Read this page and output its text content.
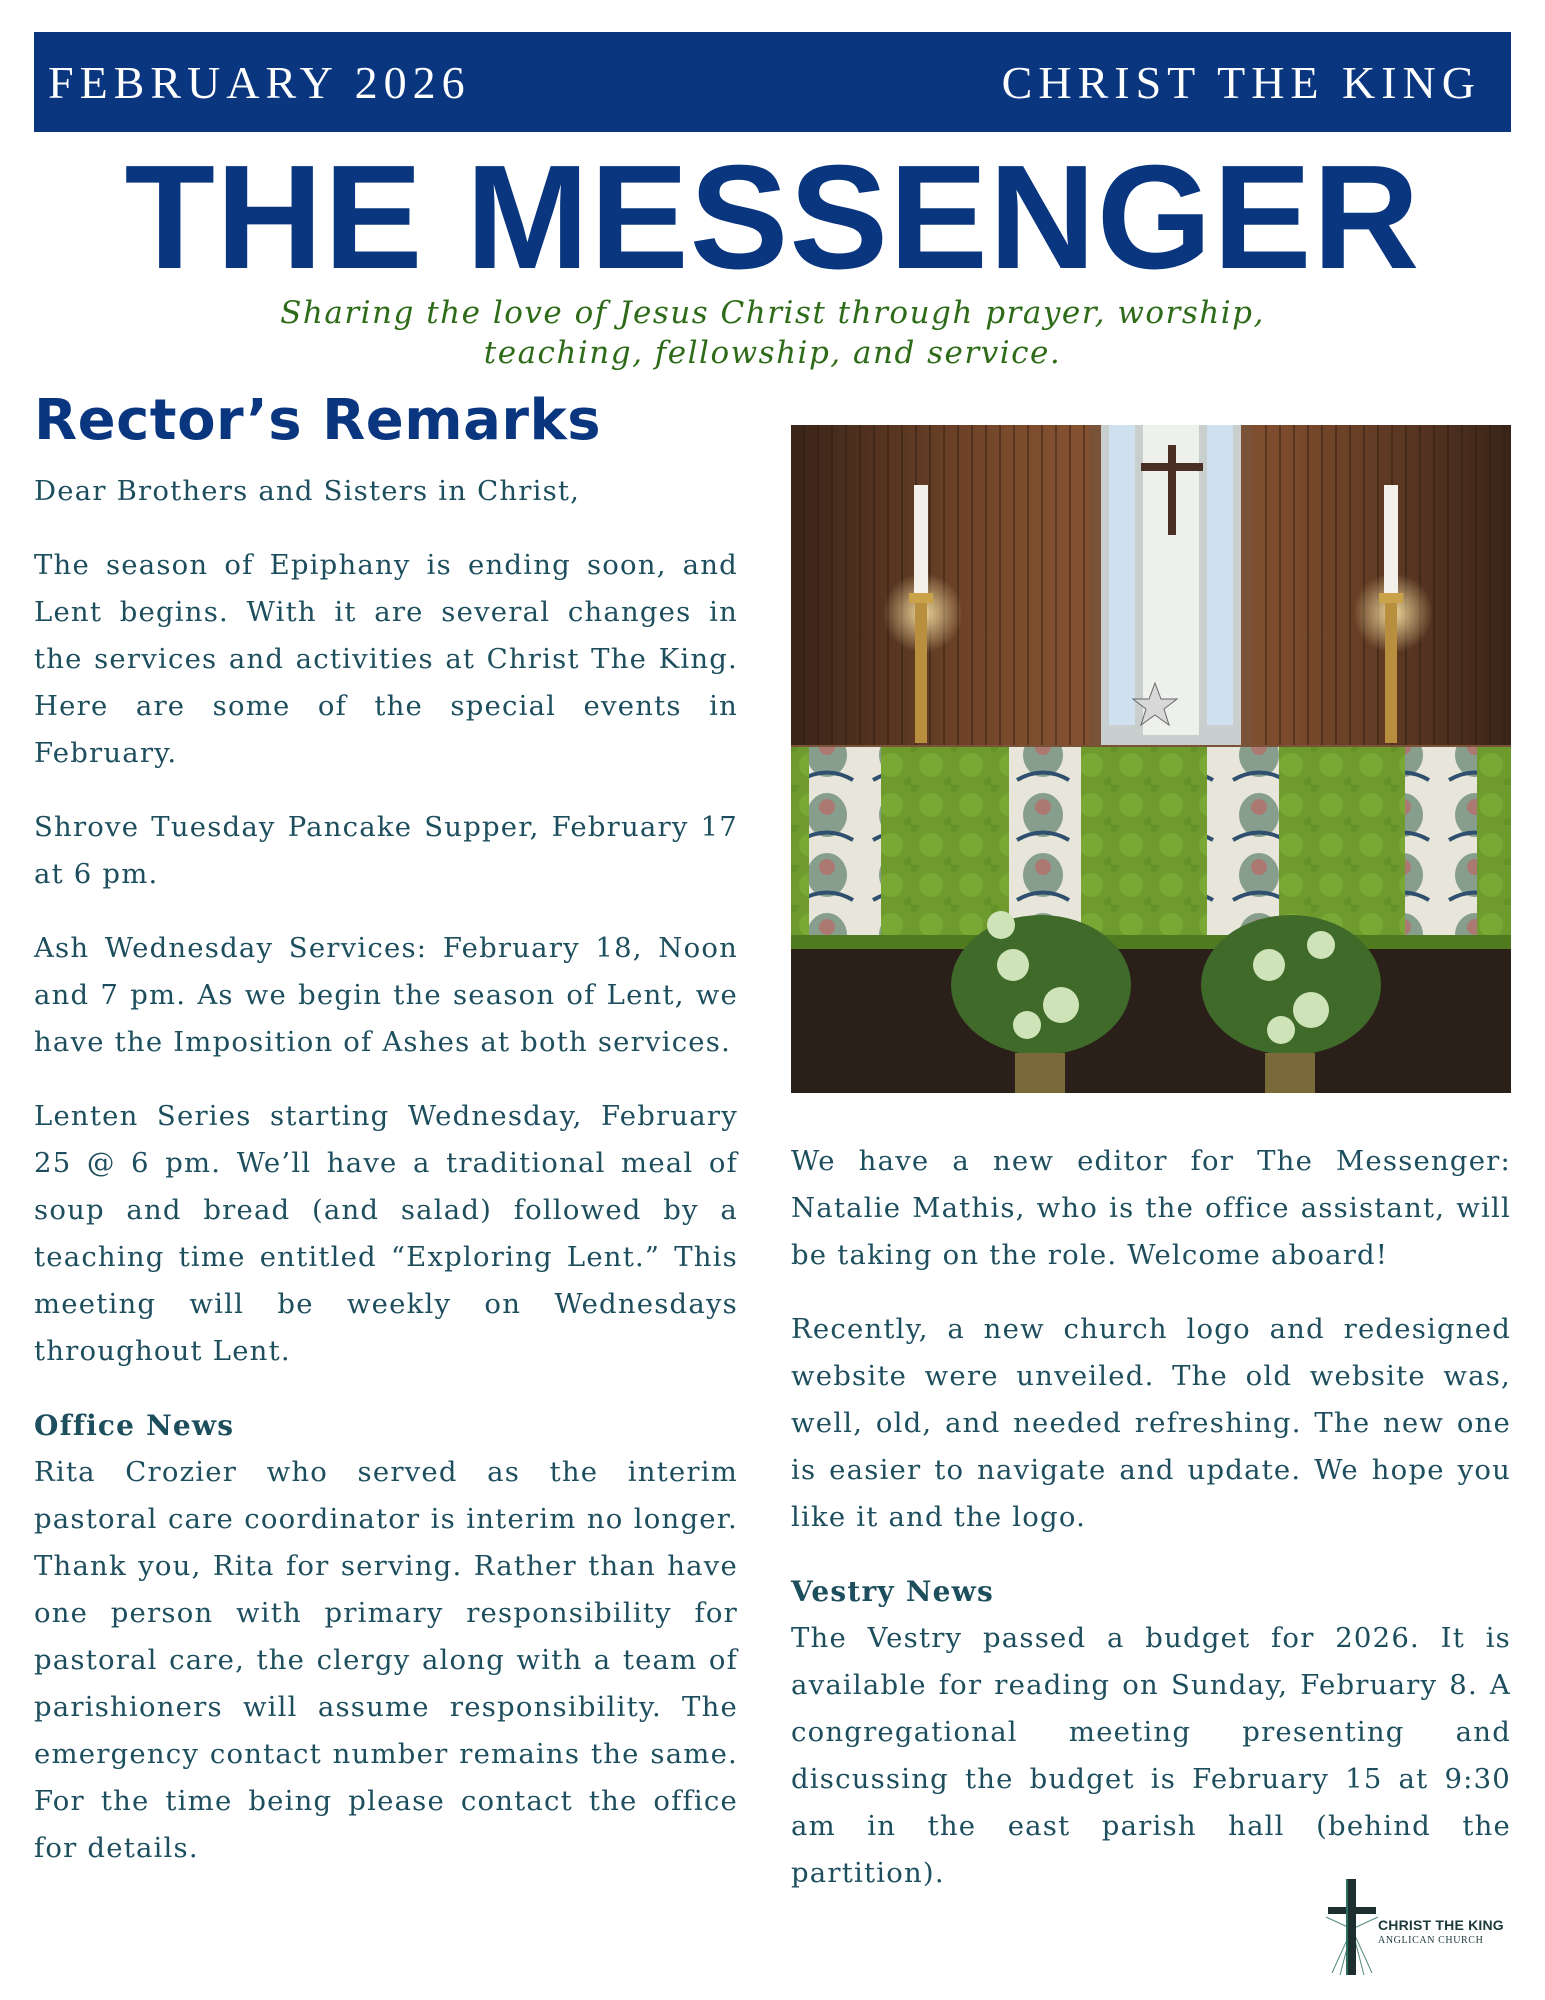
FEBRUARY 2026	CHRIST THE KING
THE MESSENGER
Sharing the love of Jesus Christ through prayer, worship, teaching, fellowship, and service.
Rector’s Remarks

Dear Brothers and Sisters in Christ,

The season of Epiphany is ending soon, and Lent begins. With it are several changes in the services and activities at Christ The King. Here are some of the special events in February.

Shrove Tuesday Pancake Supper, February 17 at 6 pm.

Ash Wednesday Services: February 18, Noon and 7 pm. As we begin the season of Lent, we have the Imposition of Ashes at both services.

Lenten Series starting Wednesday, February 25 @ 6 pm. We’ll have a traditional meal of soup and bread (and salad) followed by a teaching time entitled “Exploring Lent.” This meeting will be weekly on Wednesdays throughout Lent.

Office News

Rita Crozier who served as the interim pastoral care coordinator is interim no longer. Thank you, Rita for serving. Rather than have one person with primary responsibility for pastoral care, the clergy along with a team of parishioners will assume responsibility. The emergency contact number remains the same. For the time being please contact the office for details.

We have a new editor for The Messenger: Natalie Mathis, who is the office assistant, will be taking on the role. Welcome aboard!

Recently, a new church logo and redesigned website were unveiled. The old website was, well, old, and needed refreshing. The new one is easier to navigate and update. We hope you like it and the logo.

Vestry News

The Vestry passed a budget for 2026. It is available for reading on Sunday, February 8. A congregational meeting presenting and discussing the budget is February 15 at 9:30 am in the east parish hall (behind the partition).

CHRIST THE KING
ANGLICAN CHURCH
